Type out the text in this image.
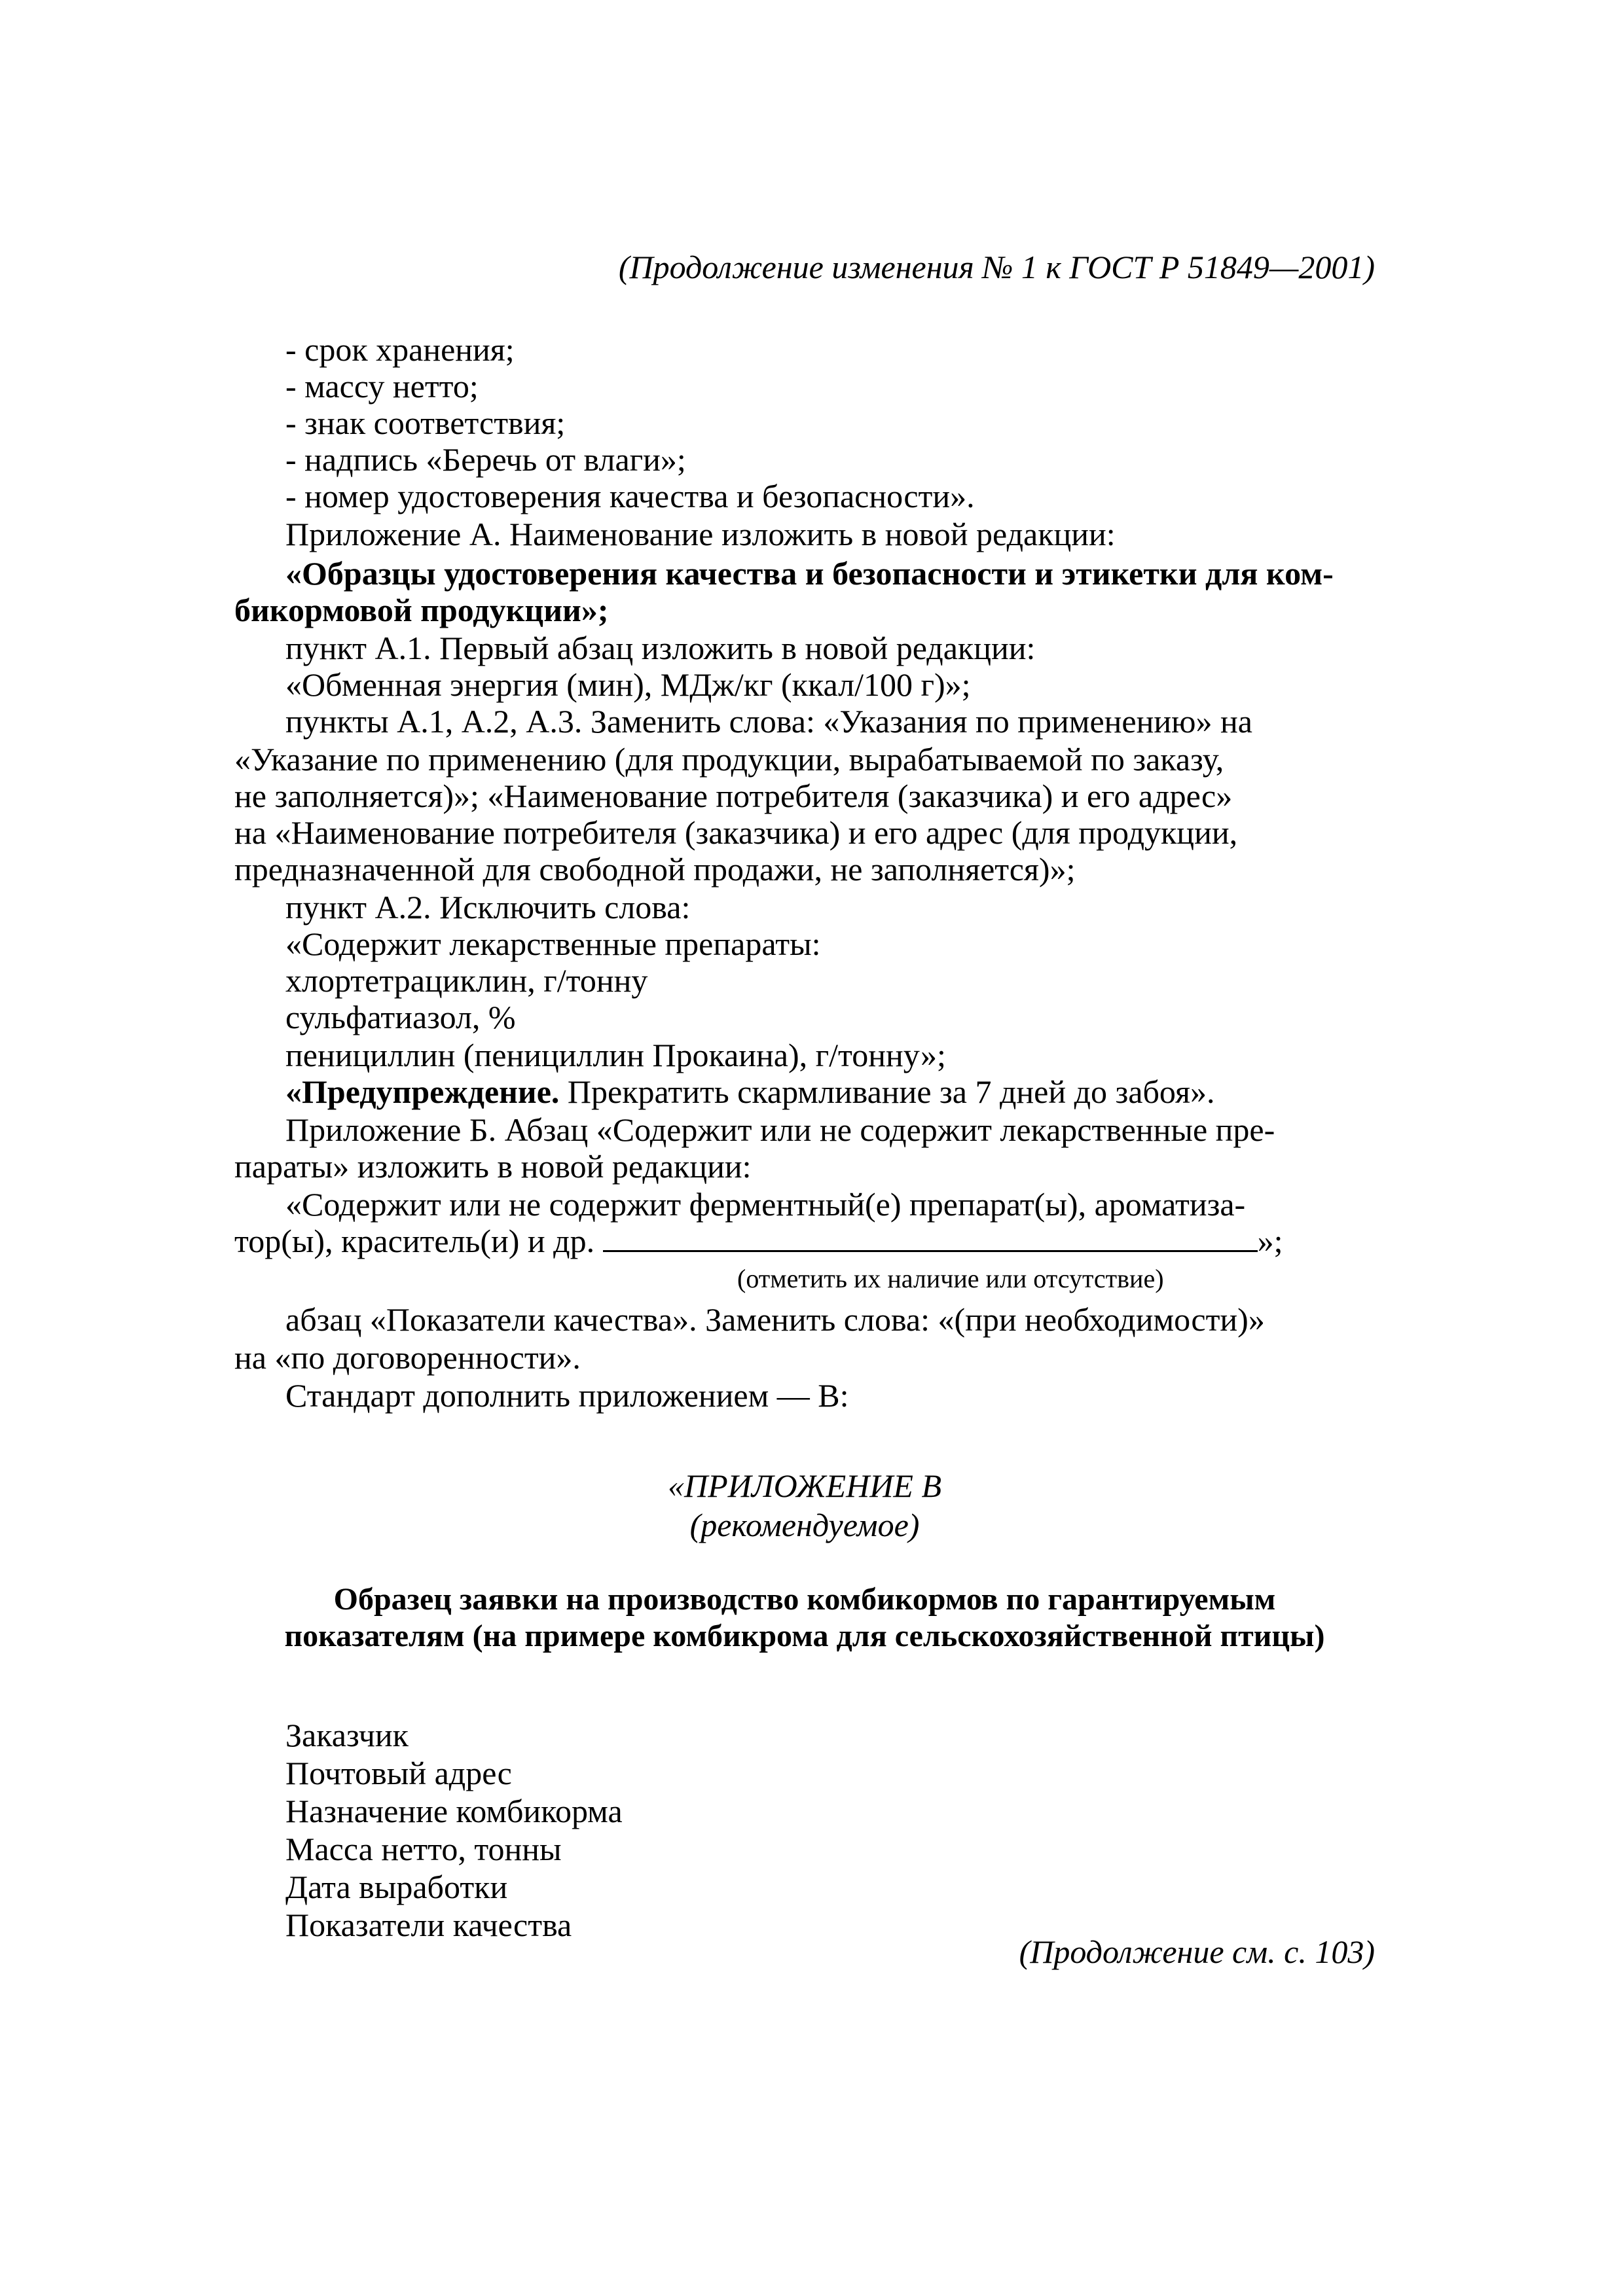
(Продолжение изменения № 1 к ГОСТ Р 51849—2001)
- срок хранения;
- массу нетто;
- знак соответствия;
- надпись «Беречь от влаги»;
- номер удостоверения качества и безопасности».
Приложение А. Наименование изложить в новой редакции:
«Образцы удостоверения качества и безопасности и этикетки для ком-
бикормовой продукции»;
пункт А.1. Первый абзац изложить в новой редакции:
«Обменная энергия (мин), МДж/кг (ккал/100 г)»;
пункты А.1, А.2, А.3. Заменить слова: «Указания по применению» на
«Указание по применению (для продукции, вырабатываемой по заказу,
не заполняется)»; «Наименование потребителя (заказчика) и его адрес»
на «Наименование потребителя (заказчика) и его адрес (для продукции,
предназначенной для свободной продажи, не заполняется)»;
пункт А.2. Исключить слова:
«Содержит лекарственные препараты:
хлортетрациклин, г/тонну
сульфатиазол, %
пенициллин (пенициллин Прокаина), г/тонну»;
«Предупреждение. Прекратить скармливание за 7 дней до забоя».
Приложение Б. Абзац «Содержит или не содержит лекарственные пре-
параты» изложить в новой редакции:
«Содержит или не содержит ферментный(е) препарат(ы), ароматиза-
тор(ы), краситель(и) и др.	»;
(отметить их наличие или отсутствие)
абзац «Показатели качества». Заменить слова: «(при необходимости)»
на «по договоренности».
Стандарт дополнить приложением — В:
«ПРИЛОЖЕНИЕ В
(рекомендуемое)
Образец заявки на производство комбикормов по гарантируемым
показателям (на примере комбикрома для сельскохозяйственной птицы)
Заказчик
Почтовый адрес
Назначение комбикорма
Масса нетто, тонны
Дата выработки
Показатели качества
(Продолжение см. с. 103)
